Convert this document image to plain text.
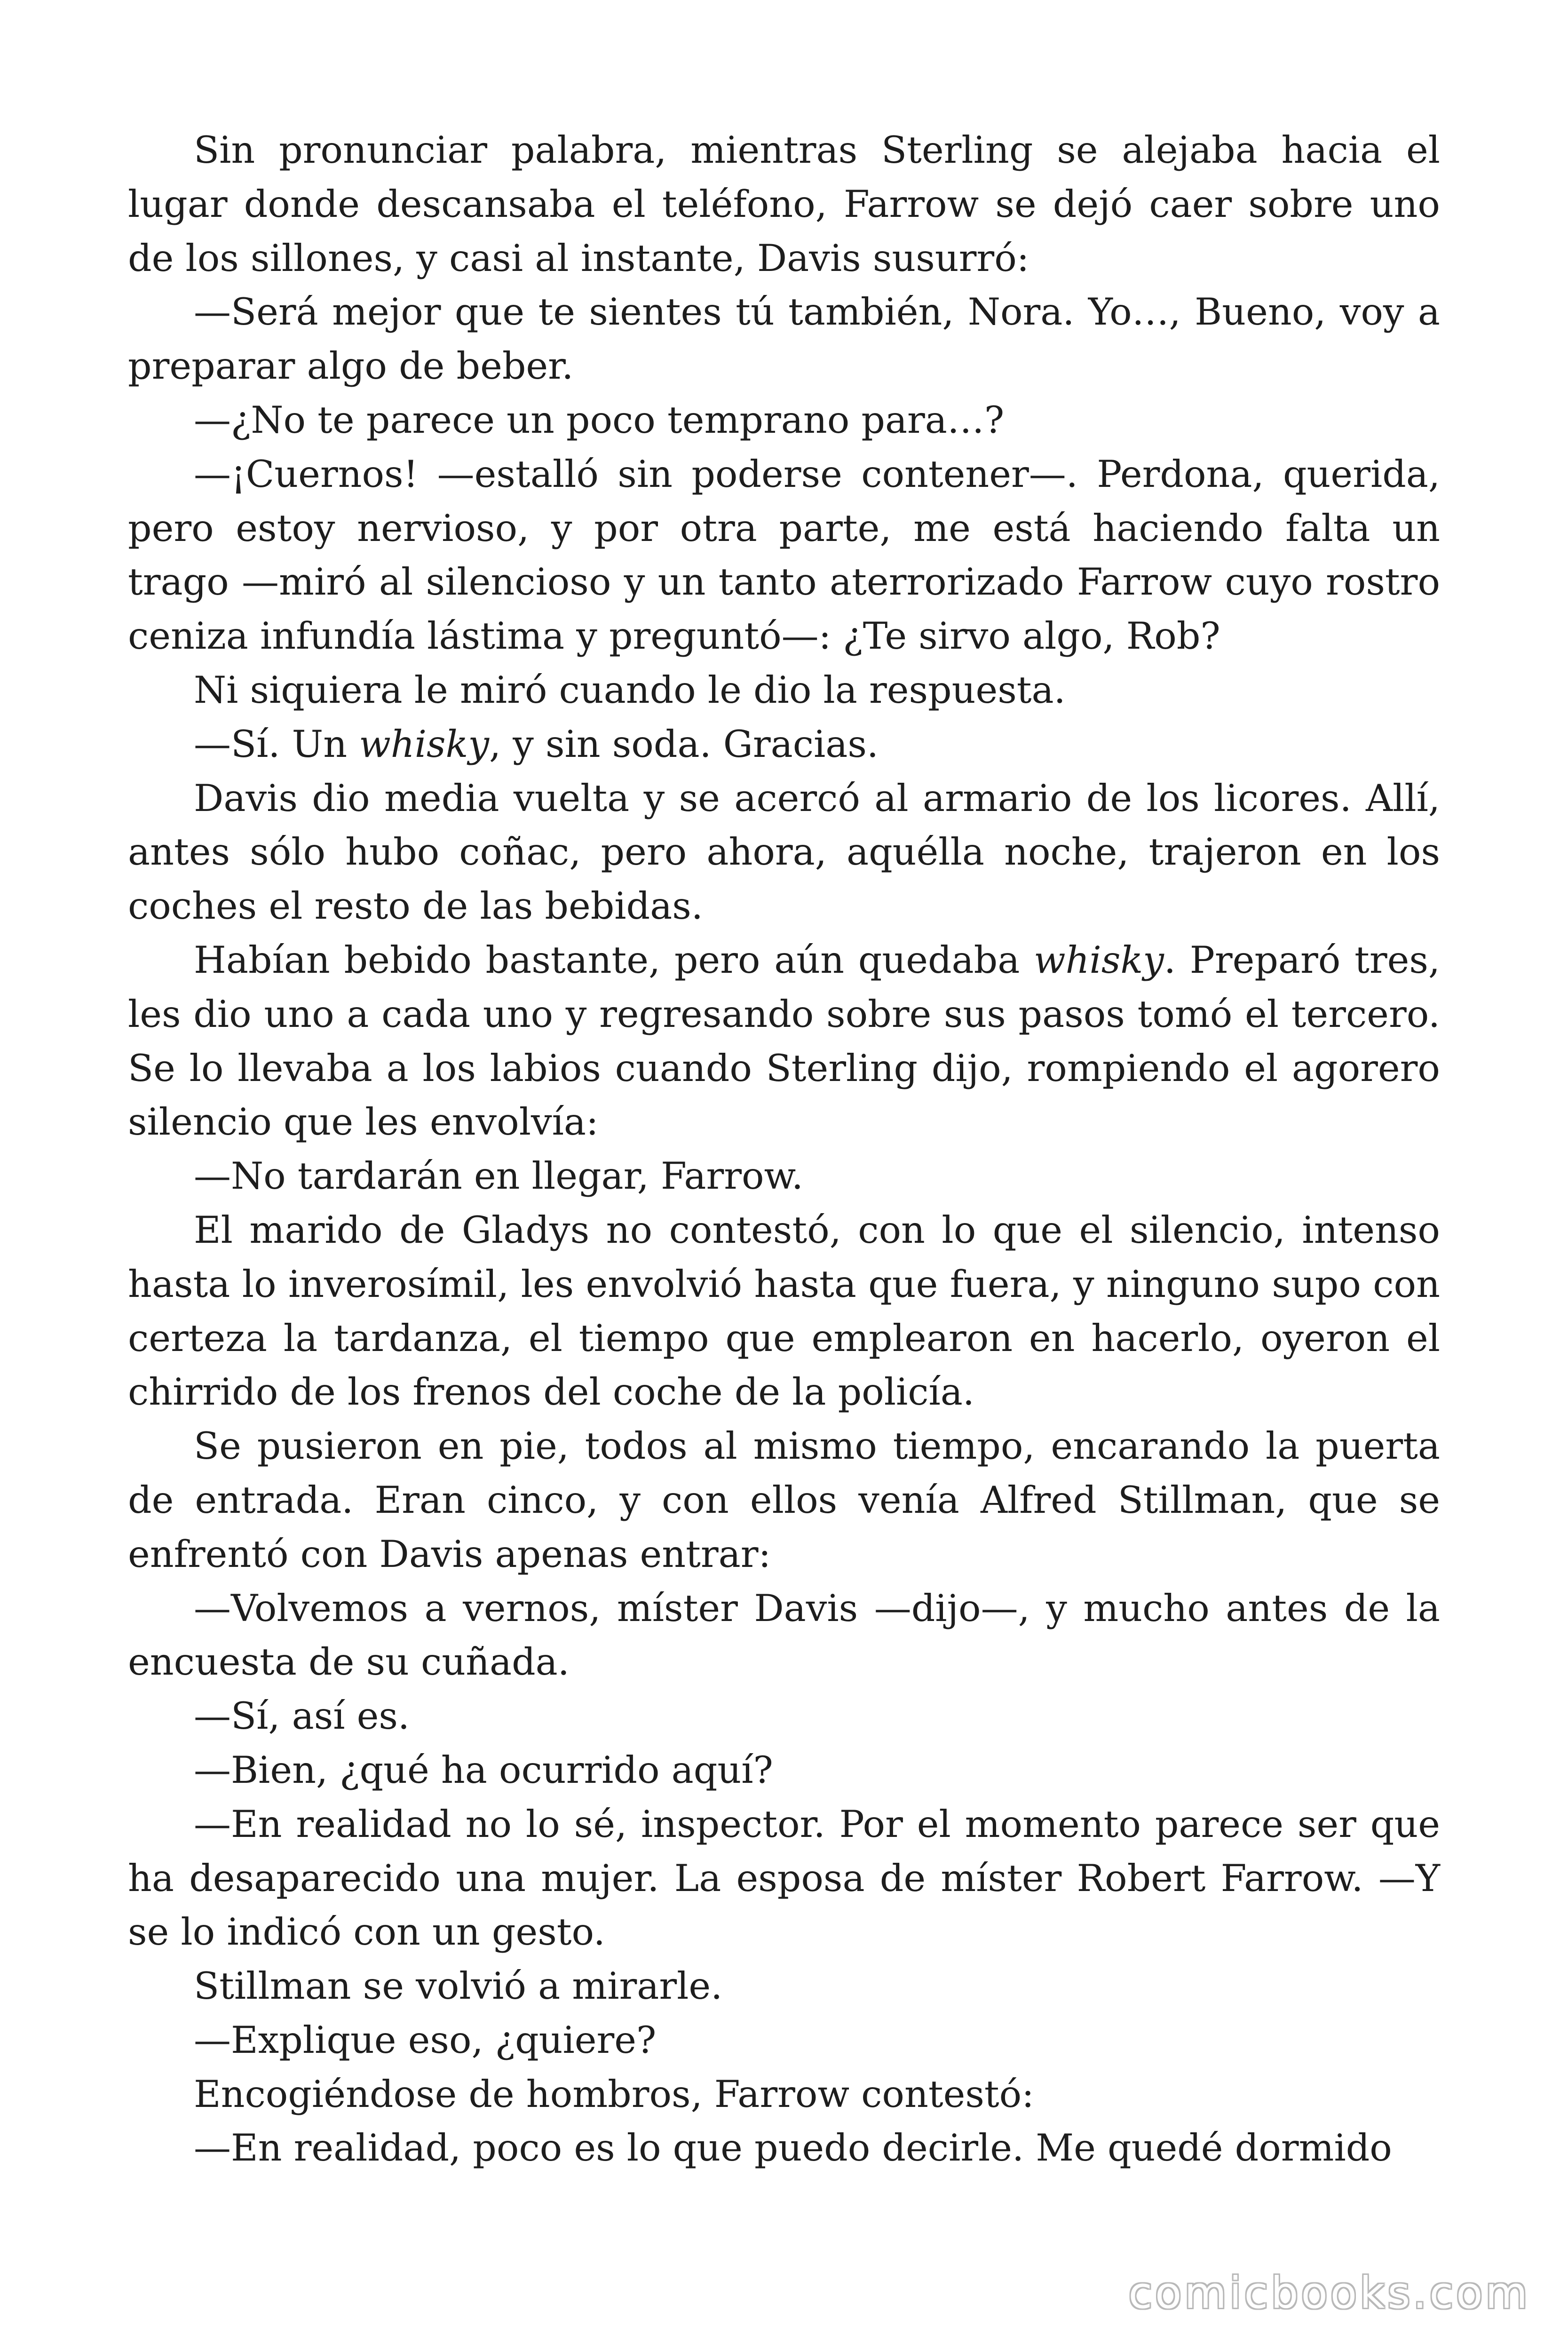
Sin pronunciar palabra, mientras Sterling se alejaba hacia el lugar donde descansaba el teléfono, Farrow se dejó caer sobre uno de los sillones, y casi al instante, Davis susurró:

—Será mejor que te sientes tú también, Nora. Yo…, Bueno, voy a preparar algo de beber.

—¿No te parece un poco temprano para…?

—¡Cuernos! —estalló sin poderse contener—. Perdona, querida, pero estoy nervioso, y por otra parte, me está haciendo falta un trago —miró al silencioso y un tanto aterrorizado Farrow cuyo rostro ceniza infundía lástima y preguntó—: ¿Te sirvo algo, Rob?

Ni siquiera le miró cuando le dio la respuesta.

—Sí. Un whisky, y sin soda. Gracias.

Davis dio media vuelta y se acercó al armario de los licores. Allí, antes sólo hubo coñac, pero ahora, aquélla noche, trajeron en los coches el resto de las bebidas.

Habían bebido bastante, pero aún quedaba whisky. Preparó tres, les dio uno a cada uno y regresando sobre sus pasos tomó el tercero. Se lo llevaba a los labios cuando Sterling dijo, rompiendo el agorero silencio que les envolvía:

—No tardarán en llegar, Farrow.

El marido de Gladys no contestó, con lo que el silencio, intenso hasta lo inverosímil, les envolvió hasta que fuera, y ninguno supo con certeza la tardanza, el tiempo que emplearon en hacerlo, oyeron el chirrido de los frenos del coche de la policía.

Se pusieron en pie, todos al mismo tiempo, encarando la puerta de entrada. Eran cinco, y con ellos venía Alfred Stillman, que se enfrentó con Davis apenas entrar:

—Volvemos a vernos, míster Davis —dijo—, y mucho antes de la encuesta de su cuñada.

—Sí, así es.

—Bien, ¿qué ha ocurrido aquí?

—En realidad no lo sé, inspector. Por el momento parece ser que ha desaparecido una mujer. La esposa de míster Robert Farrow. —Y se lo indicó con un gesto.

Stillman se volvió a mirarle.

—Explique eso, ¿quiere?

Encogiéndose de hombros, Farrow contestó:

—En realidad, poco es lo que puedo decirle. Me quedé dormido

comicbooks.com
